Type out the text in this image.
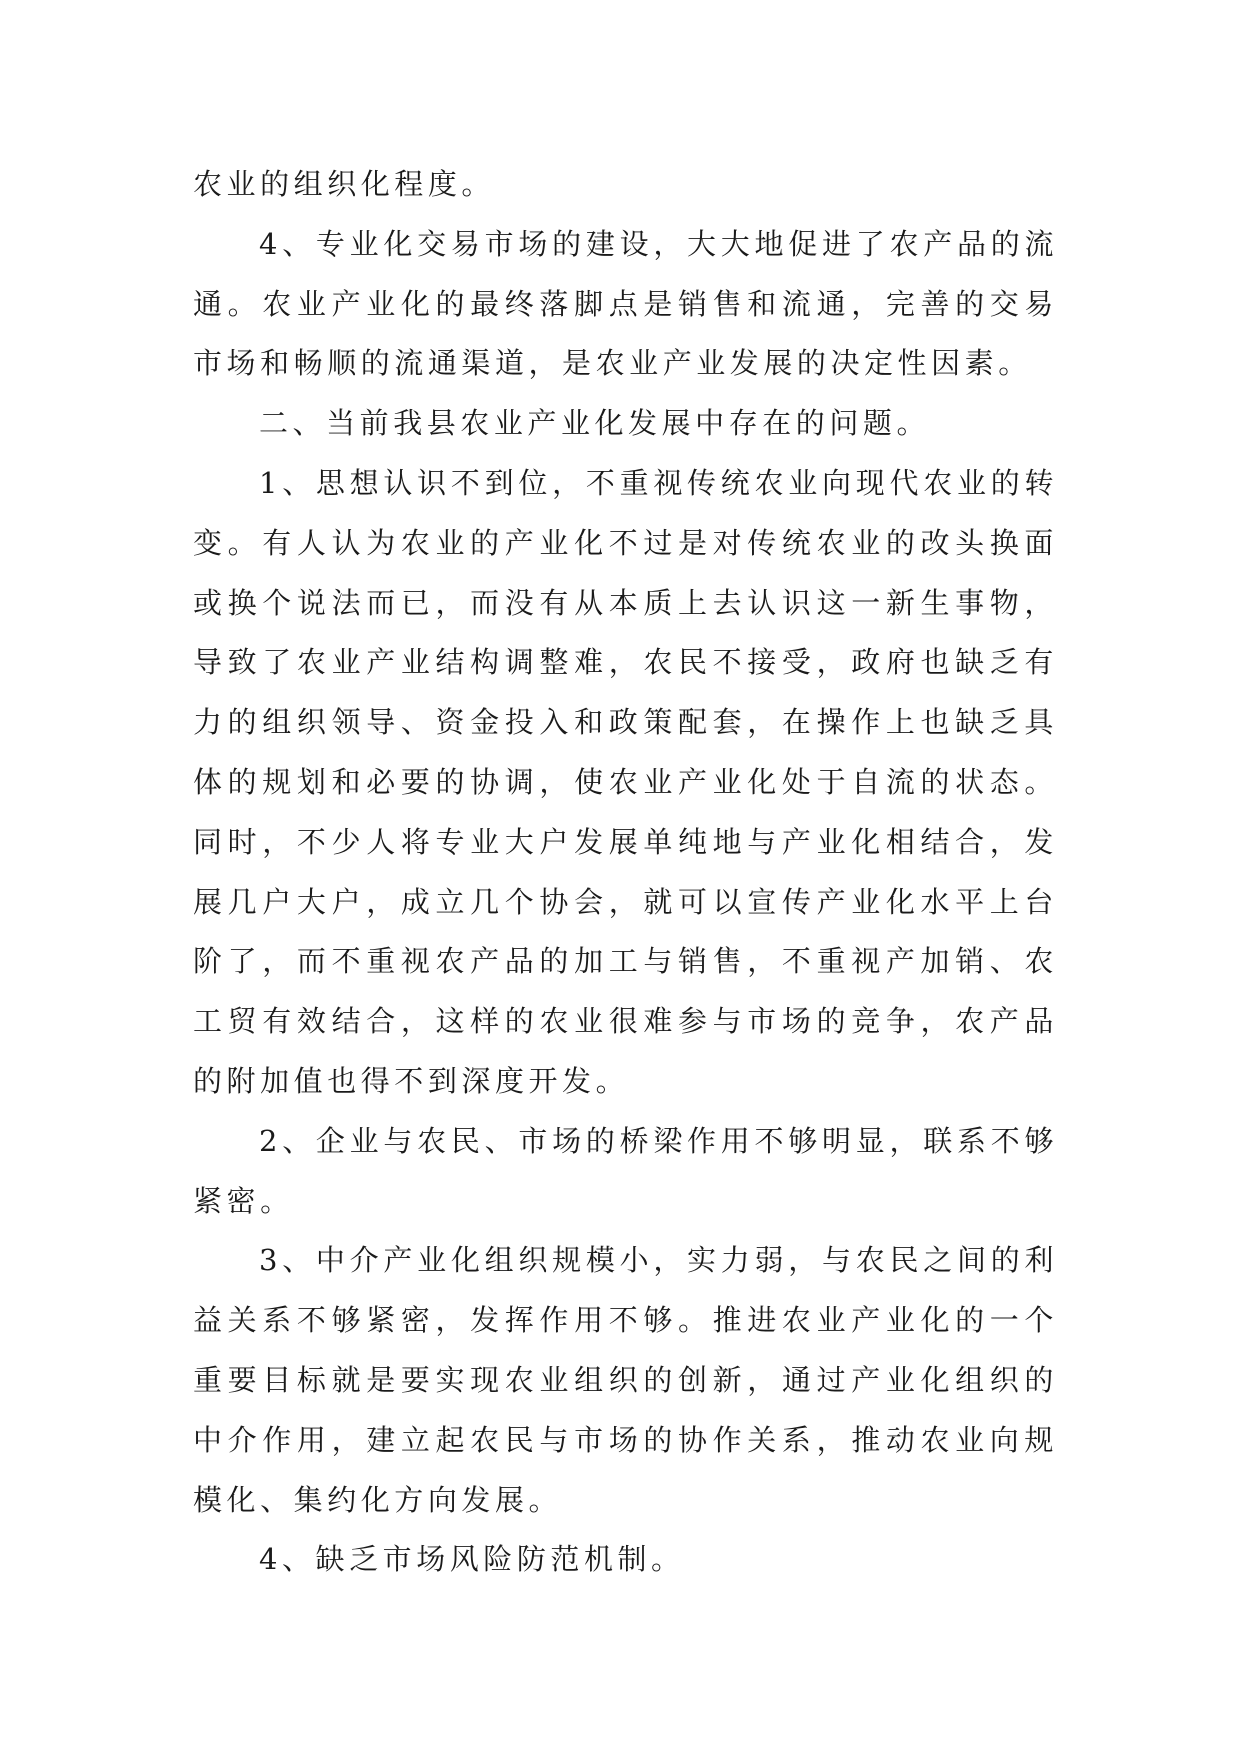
农业的组织化程度。

4、专业化交易市场的建设，大大地促进了农产品的流通。农业产业化的最终落脚点是销售和流通，完善的交易市场和畅顺的流通渠道，是农业产业发展的决定性因素。

二、当前我县农业产业化发展中存在的问题。

1、思想认识不到位，不重视传统农业向现代农业的转变。有人认为农业的产业化不过是对传统农业的改头换面或换个说法而已，而没有从本质上去认识这一新生事物，导致了农业产业结构调整难，农民不接受，政府也缺乏有力的组织领导、资金投入和政策配套，在操作上也缺乏具体的规划和必要的协调，使农业产业化处于自流的状态。同时，不少人将专业大户发展单纯地与产业化相结合，发展几户大户，成立几个协会，就可以宣传产业化水平上台阶了，而不重视农产品的加工与销售，不重视产加销、农工贸有效结合，这样的农业很难参与市场的竞争，农产品的附加值也得不到深度开发。

2、企业与农民、市场的桥梁作用不够明显，联系不够紧密。

3、中介产业化组织规模小，实力弱，与农民之间的利益关系不够紧密，发挥作用不够。推进农业产业化的一个重要目标就是要实现农业组织的创新，通过产业化组织的中介作用，建立起农民与市场的协作关系，推动农业向规模化、集约化方向发展。

4、缺乏市场风险防范机制。
